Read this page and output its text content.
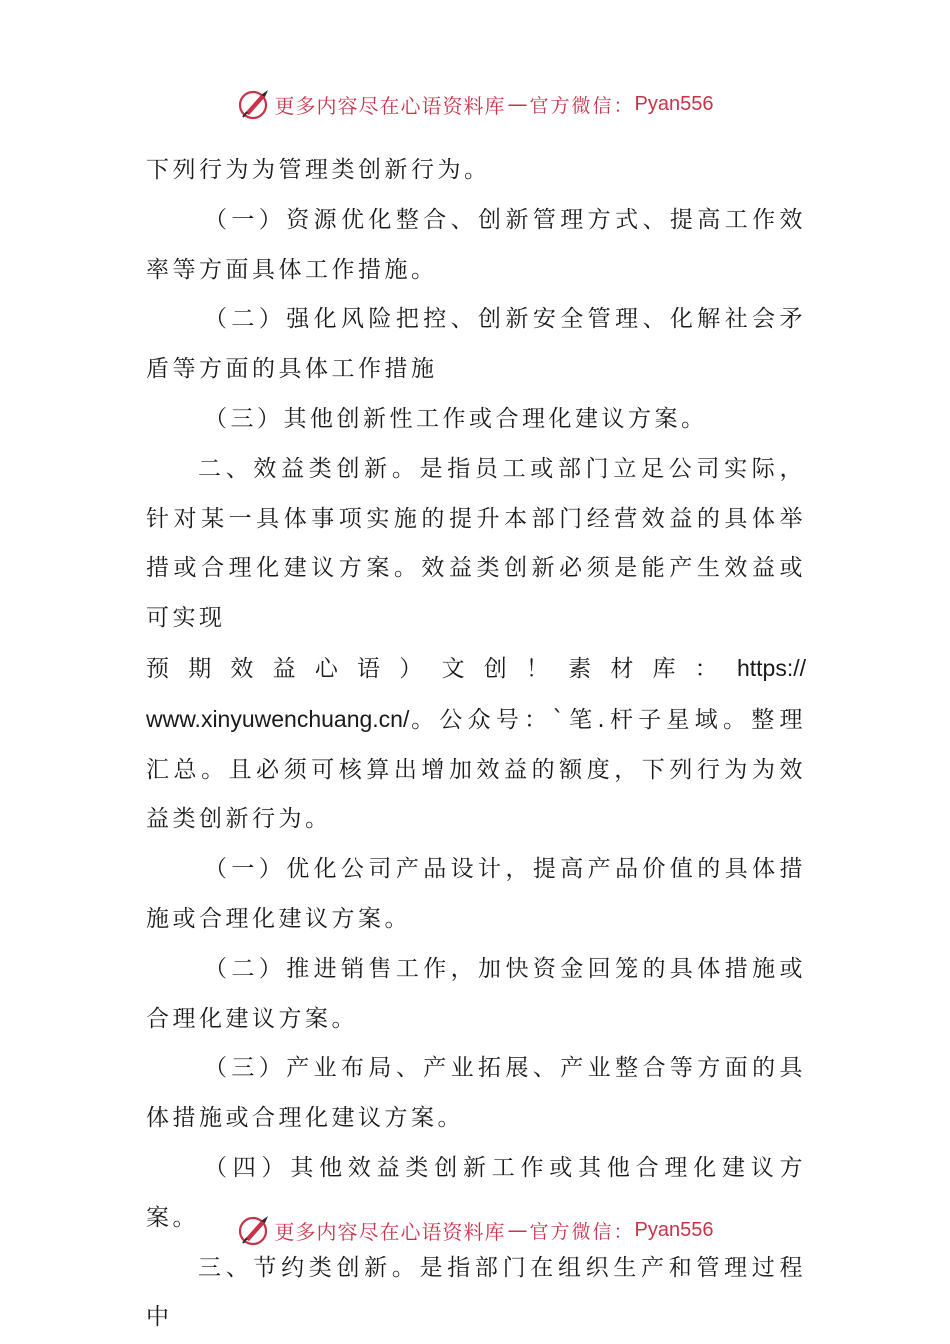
更多内容尽在心语资料库 — 官方微信： Pyan556

下列行为为管理类创新行为。

（一）资源优化整合、创新管理方式、提高工作效率等方面具体工作措施。

（二）强化风险把控、创新安全管理、化解社会矛盾等方面的具体工作措施

（三）其他创新性工作或合理化建议方案。

二、效益类创新。是指员工或部门立足公司实际，针对某一具体事项实施的提升本部门经营效益的具体举措或合理化建议方案。效益类创新必须是能产生效益或可实现

预期效益心语）文创！素材库：https://

www.xinyuwenchuang.cn/。公众号：`笔.杆子星域。整理汇总。且必须可核算出增加效益的额度，下列行为为效益类创新行为。

（一）优化公司产品设计，提高产品价值的具体措施或合理化建议方案。

（二）推进销售工作，加快资金回笼的具体措施或合理化建议方案。

（三）产业布局、产业拓展、产业整合等方面的具体措施或合理化建议方案。

（四）其他效益类创新工作或其他合理化建议方案。

三、节约类创新。是指部门在组织生产和管理过程中

更多内容尽在心语资料库 — 官方微信： Pyan556
